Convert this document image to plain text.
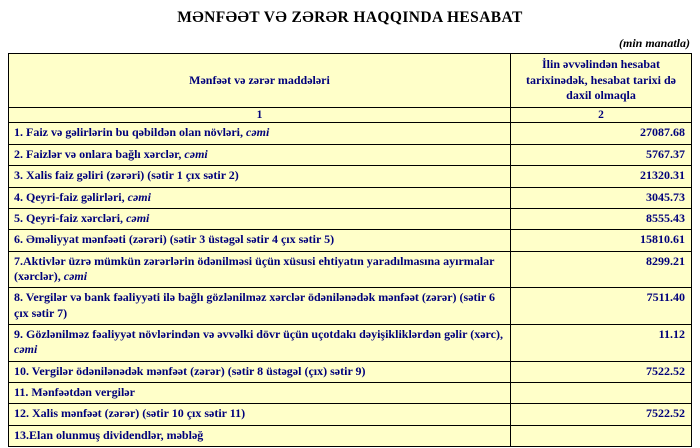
MƏNFƏƏT VƏ ZƏRƏR HAQQINDA HESABAT
(min manatla)
Mənfəət və zərər maddələri	İlin əvvəlindən hesabat tarixinədək, hesabat tarixi də daxil olmaqla
1	2
1. Faiz və gəlirlərin bu qəbildən olan növləri, cəmi	27087.68
2. Faizlər və onlara bağlı xərclər, cəmi	5767.37
3. Xalis faiz gəliri (zərəri) (sətir 1 çıx sətir 2)	21320.31
4. Qeyri-faiz gəlirləri, cəmi	3045.73
5. Qeyri-faiz xərcləri, cəmi	8555.43
6. Əməliyyat mənfəəti (zərəri) (sətir 3 üstəgəl sətir 4 çıx sətir 5)	15810.61
7.Aktivlər üzrə mümkün zərərlərin ödənilməsi üçün xüsusi ehtiyatın yaradılmasına ayırmalar (xərclər), cəmi	8299.21
8. Vergilər və bank fəaliyyəti ilə bağlı gözlənilməz xərclər ödənilənədək mənfəət (zərər) (sətir 6 çıx sətir 7)	7511.40
9. Gözlənilməz fəaliyyət növlərindən və əvvəlki dövr üçün uçotdakı dəyişikliklərdən gəlir (xərc), cəmi	11.12
10. Vergilər ödənilənədək mənfəət (zərər) (sətir 8 üstəgəl (çıx) sətir 9)	7522.52
11. Mənfəətdən vergilər	
12. Xalis mənfəət (zərər) (sətir 10 çıx sətir 11)	7522.52
13.Elan olunmuş dividendlər, məbləğ	
